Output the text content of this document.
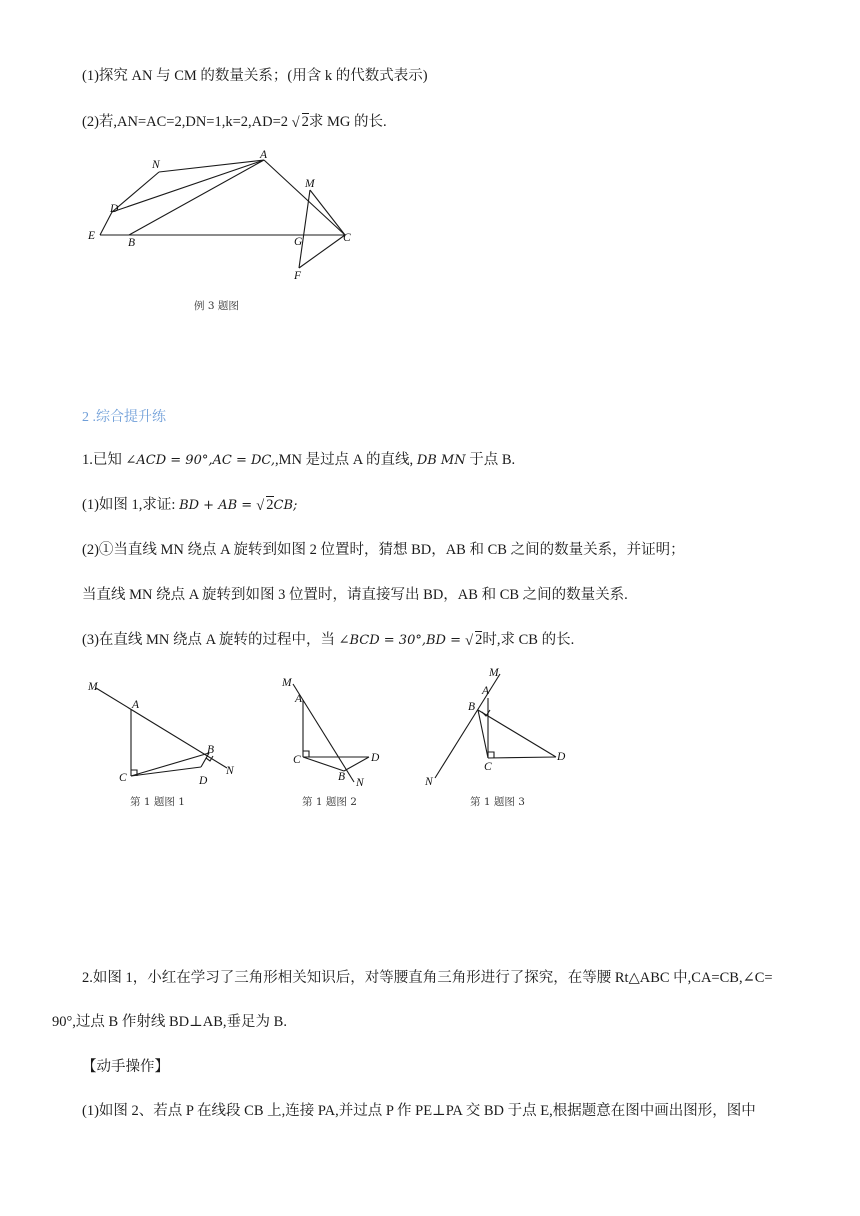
(1)探究 AN 与 CM 的数量关系；(用含 k 的代数式表示)
(2)若,AN=AC=2,DN=1,k=2,AD=2 √ 2求 MG 的长.
N
A
M
D
E
B	G	C
F
例 3 题图
2 .综合提升练
1.已知 ∠ACD = 90°,AC = DC,,MN 是过点 A 的直线, DB MN 于点 B.
(1)如图 1,求证: BD + AB = √ 2CB;
(2)①当直线 MN 绕点 A 旋转到如图 2 位置时，猜想 BD，AB 和 CB 之间的数量关系，并证明；
当直线 MN 绕点 A 旋转到如图 3 位置时，请直接写出 BD，AB 和 CB 之间的数量关系.
(3)在直线 MN 绕点 A 旋转的过程中，当 ∠BCD = 30°,BD = √ 2时,求 CB 的长.
M
A
B
C	D
N
第 1 题图 1
M
A
C	D
B N
第 1 题图 2
M
A
B
C
D
N
第 1 题图 3
2.如图 1，小红在学习了三角形相关知识后，对等腰直角三角形进行了探究，在等腰 Rt△ABC 中,CA=CB,∠C=
90°,过点 B 作射线 BD⊥AB,垂足为 B.
【动手操作】
(1)如图 2、若点 P 在线段 CB 上,连接 PA,并过点 P 作 PE⊥PA 交 BD 于点 E,根据题意在图中画出图形，图中
